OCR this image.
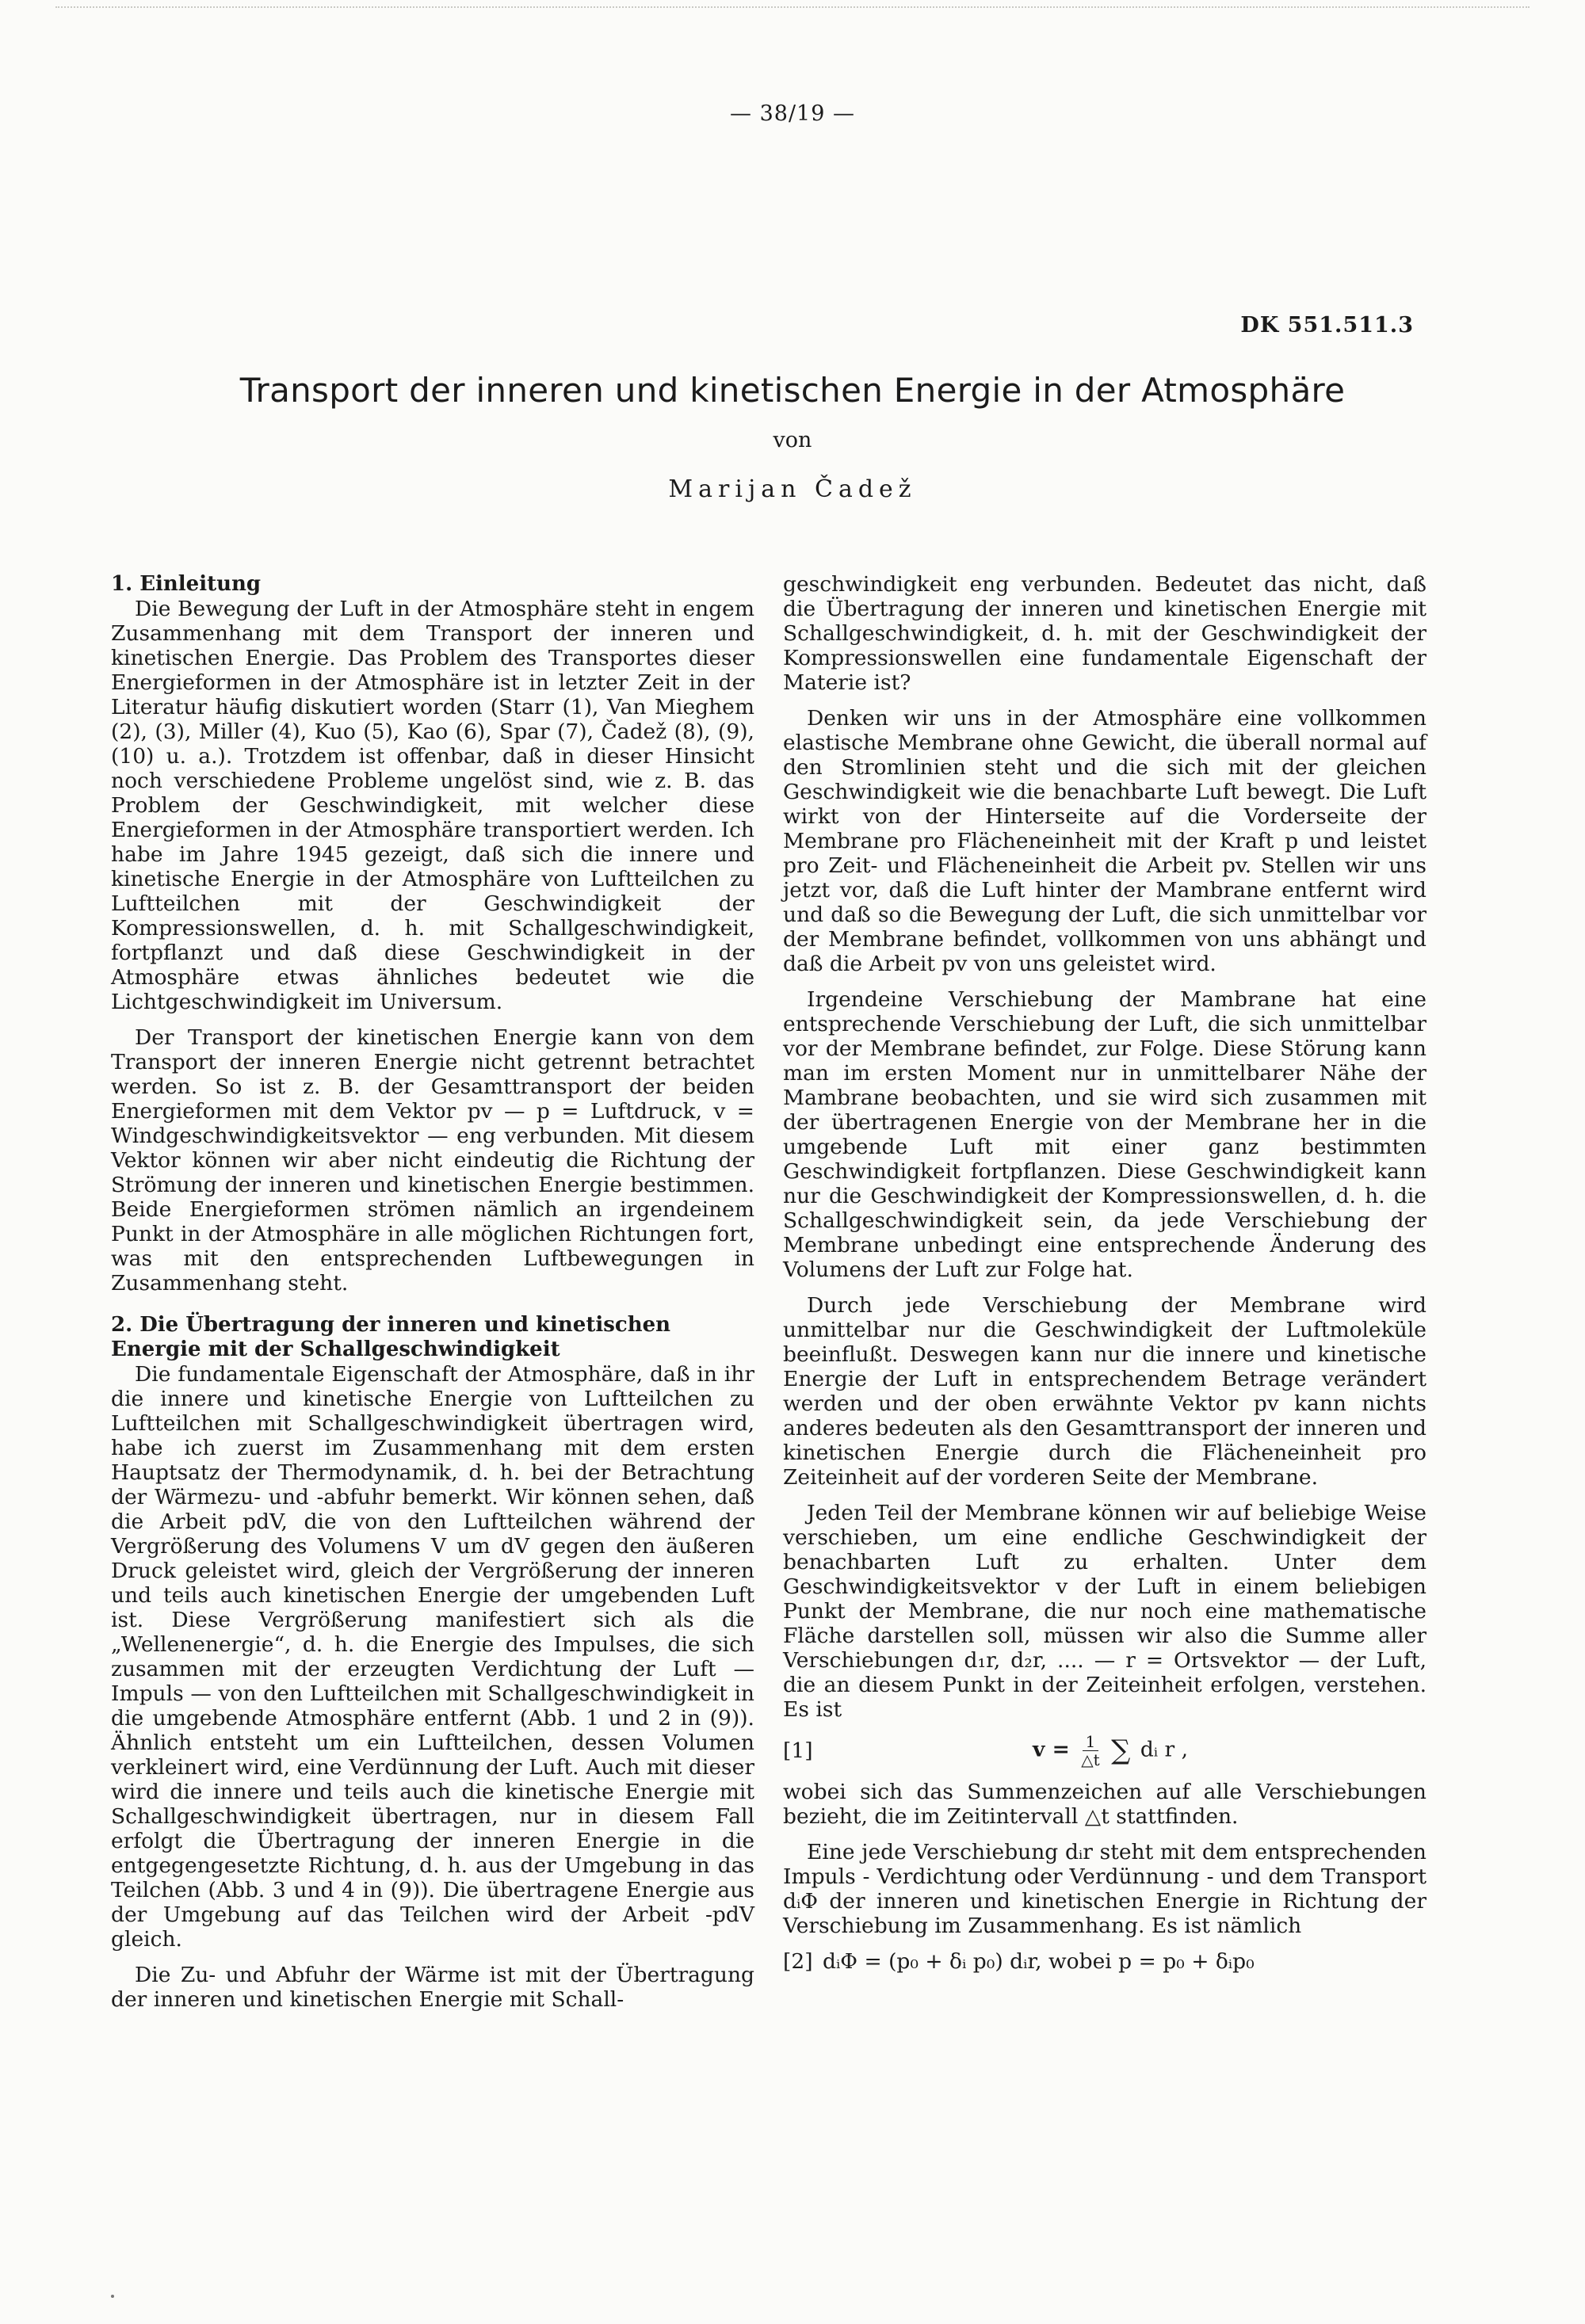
— 38/19 —
DK 551.511.3
Transport der inneren und kinetischen Energie in der Atmosphäre
von
Marijan Čadež
1. Einleitung

Die Bewegung der Luft in der Atmosphäre steht in engem Zusammenhang mit dem Transport der inneren und kinetischen Energie. Das Problem des Transportes dieser Energieformen in der Atmosphäre ist in letzter Zeit in der Literatur häufig diskutiert worden (Starr (1), Van Mieghem (2), (3), Miller (4), Kuo (5), Kao (6), Spar (7), Čadež (8), (9), (10) u. a.). Trotzdem ist offenbar, daß in dieser Hinsicht noch verschiedene Probleme ungelöst sind, wie z. B. das Problem der Geschwindigkeit, mit welcher diese Energieformen in der Atmosphäre transportiert werden. Ich habe im Jahre 1945 gezeigt, daß sich die innere und kinetische Energie in der Atmosphäre von Luftteilchen zu Luftteilchen mit der Geschwindigkeit der Kompressionswellen, d. h. mit Schallgeschwindigkeit, fortpflanzt und daß diese Geschwindigkeit in der Atmosphäre etwas ähnliches bedeutet wie die Lichtgeschwindigkeit im Universum.

Der Transport der kinetischen Energie kann von dem Transport der inneren Energie nicht getrennt betrachtet werden. So ist z. B. der Gesamttransport der beiden Energieformen mit dem Vektor pv — p = Luftdruck, v = Windgeschwindigkeitsvektor — eng verbunden. Mit diesem Vektor können wir aber nicht eindeutig die Richtung der Strömung der inneren und kinetischen Energie bestimmen. Beide Energieformen strömen nämlich an irgendeinem Punkt in der Atmosphäre in alle möglichen Richtungen fort, was mit den entsprechenden Luftbewegungen in Zusammenhang steht.

2. Die Übertragung der inneren und kinetischen Energie mit der Schallgeschwindigkeit

Die fundamentale Eigenschaft der Atmosphäre, daß in ihr die innere und kinetische Energie von Luftteilchen zu Luftteilchen mit Schallgeschwindigkeit übertragen wird, habe ich zuerst im Zusammenhang mit dem ersten Hauptsatz der Thermodynamik, d. h. bei der Betrachtung der Wärmezu- und -abfuhr bemerkt. Wir können sehen, daß die Arbeit pdV, die von den Luftteilchen während der Vergrößerung des Volumens V um dV gegen den äußeren Druck geleistet wird, gleich der Vergrößerung der inneren und teils auch kinetischen Energie der umgebenden Luft ist. Diese Vergrößerung manifestiert sich als die „Wellenenergie“, d. h. die Energie des Impulses, die sich zusammen mit der erzeugten Verdichtung der Luft — Impuls — von den Luftteilchen mit Schallgeschwindigkeit in die umgebende Atmosphäre entfernt (Abb. 1 und 2 in (9)). Ähnlich entsteht um ein Luftteilchen, dessen Volumen verkleinert wird, eine Verdünnung der Luft. Auch mit dieser wird die innere und teils auch die kinetische Energie mit Schallgeschwindigkeit übertragen, nur in diesem Fall erfolgt die Übertragung der inneren Energie in die entgegengesetzte Richtung, d. h. aus der Umgebung in das Teilchen (Abb. 3 und 4 in (9)). Die übertragene Energie aus der Umgebung auf das Teilchen wird der Arbeit -pdV gleich.

Die Zu- und Abfuhr der Wärme ist mit der Übertragung der inneren und kinetischen Energie mit Schall-

geschwindigkeit eng verbunden. Bedeutet das nicht, daß die Übertragung der inneren und kinetischen Energie mit Schallgeschwindigkeit, d. h. mit der Geschwindigkeit der Kompressionswellen eine fundamentale Eigenschaft der Materie ist?

Denken wir uns in der Atmosphäre eine vollkommen elastische Membrane ohne Gewicht, die überall normal auf den Stromlinien steht und die sich mit der gleichen Geschwindigkeit wie die benachbarte Luft bewegt. Die Luft wirkt von der Hinterseite auf die Vorderseite der Membrane pro Flächeneinheit mit der Kraft p und leistet pro Zeit- und Flächeneinheit die Arbeit pv. Stellen wir uns jetzt vor, daß die Luft hinter der Mambrane entfernt wird und daß so die Bewegung der Luft, die sich unmittelbar vor der Membrane befindet, vollkommen von uns abhängt und daß die Arbeit pv von uns geleistet wird.

Irgendeine Verschiebung der Mambrane hat eine entsprechende Verschiebung der Luft, die sich unmittelbar vor der Membrane befindet, zur Folge. Diese Störung kann man im ersten Moment nur in unmittelbarer Nähe der Mambrane beobachten, und sie wird sich zusammen mit der übertragenen Energie von der Membrane her in die umgebende Luft mit einer ganz bestimmten Geschwindigkeit fortpflanzen. Diese Geschwindigkeit kann nur die Geschwindigkeit der Kompressionswellen, d. h. die Schallgeschwindigkeit sein, da jede Verschiebung der Membrane unbedingt eine entsprechende Änderung des Volumens der Luft zur Folge hat.

Durch jede Verschiebung der Membrane wird unmittelbar nur die Geschwindigkeit der Luftmoleküle beeinflußt. Deswegen kann nur die innere und kinetische Energie der Luft in entsprechendem Betrage verändert werden und der oben erwähnte Vektor pv kann nichts anderes bedeuten als den Gesamttransport der inneren und kinetischen Energie durch die Flächeneinheit pro Zeiteinheit auf der vorderen Seite der Membrane.

Jeden Teil der Membrane können wir auf beliebige Weise verschieben, um eine endliche Geschwindigkeit der benachbarten Luft zu erhalten. Unter dem Geschwindigkeitsvektor v der Luft in einem beliebigen Punkt der Membrane, die nur noch eine mathematische Fläche darstellen soll, müssen wir also die Summe aller Verschiebungen d₁r, d₂r, .... — r = Ortsvektor — der Luft, die an diesem Punkt in der Zeiteinheit erfolgen, verstehen. Es ist

[1]	$v = \frac{1}{\triangle t}$ ∑ dᵢ r ,

wobei sich das Summenzeichen auf alle Verschiebungen bezieht, die im Zeitintervall △t stattfinden.

Eine jede Verschiebung dᵢr steht mit dem entsprechenden Impuls - Verdichtung oder Verdünnung - und dem Transport dᵢΦ der inneren und kinetischen Energie in Richtung der Verschiebung im Zusammenhang. Es ist nämlich

[2] dᵢΦ = (p₀ + δᵢ p₀) dᵢr, wobei p = p₀ + δᵢp₀
